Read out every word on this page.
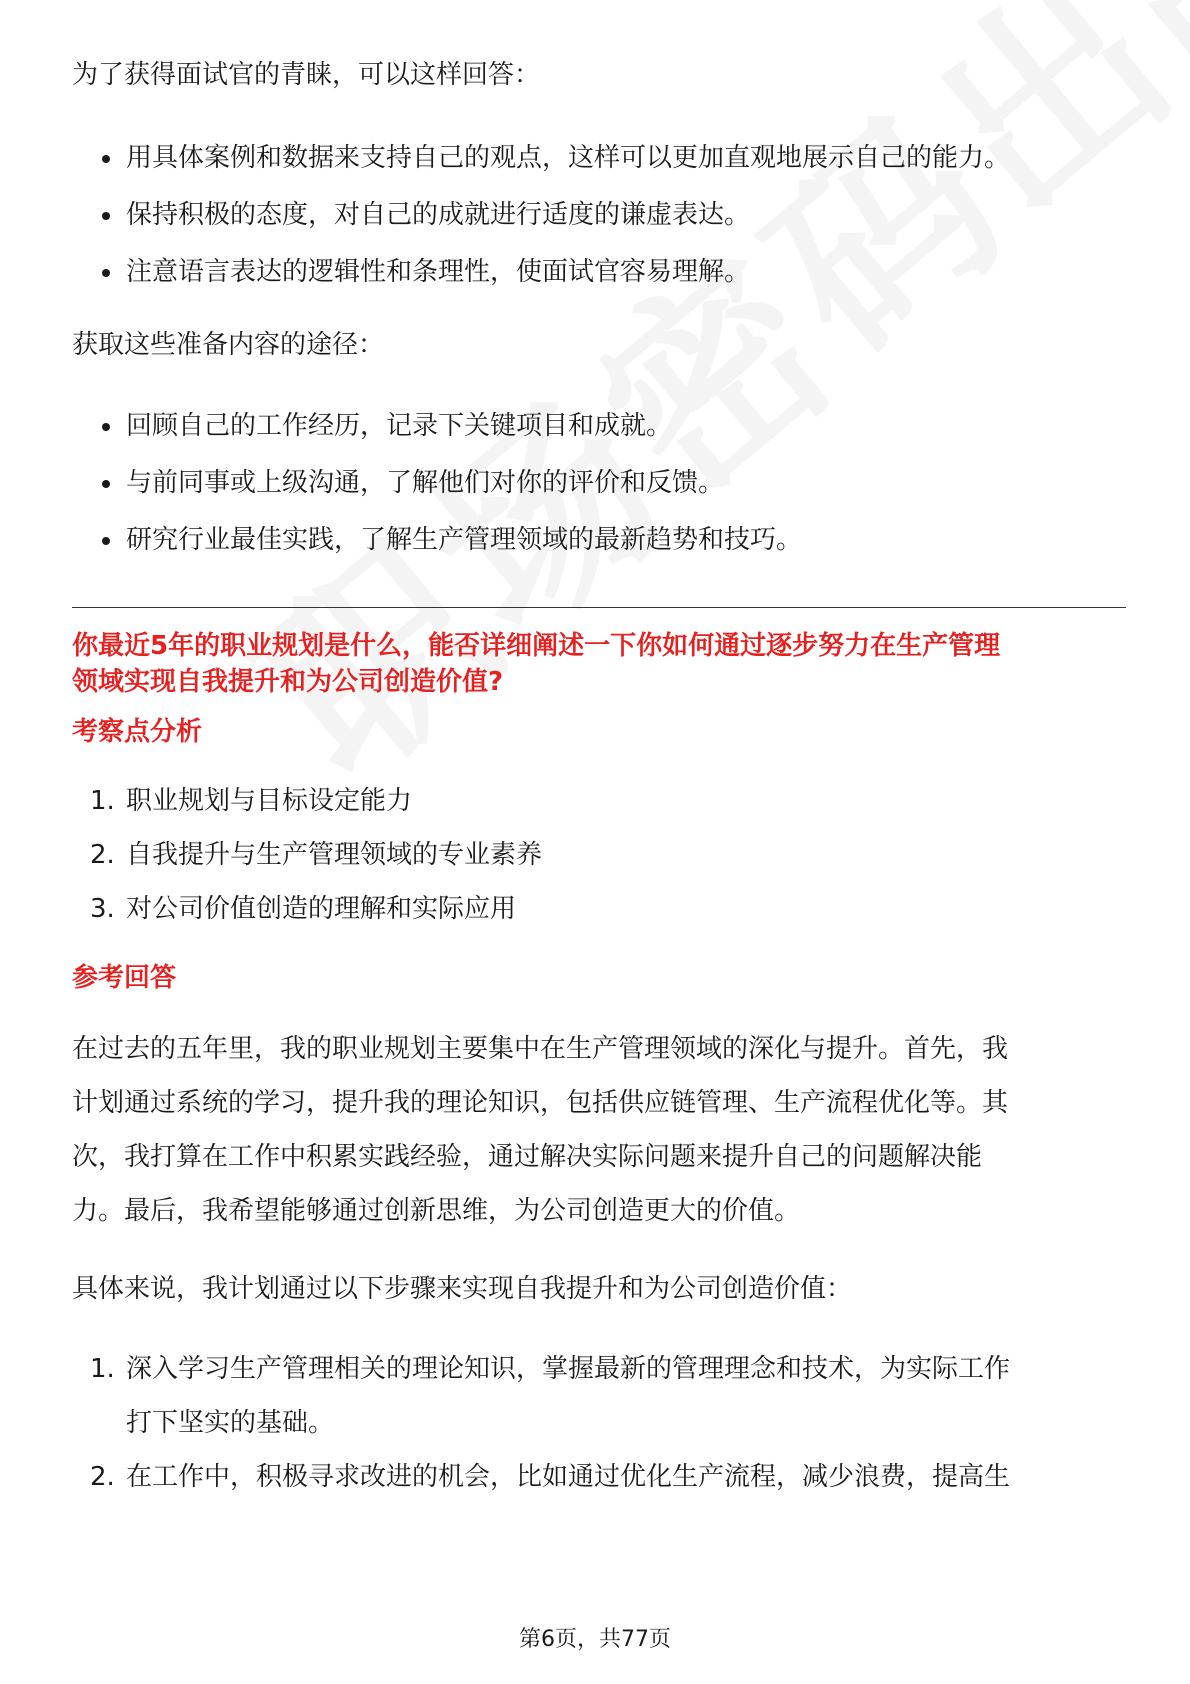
为了获得面试官的青睐，可以这样回答：

用具体案例和数据来支持自己的观点，这样可以更加直观地展示自己的能力。
保持积极的态度，对自己的成就进行适度的谦虚表达。
注意语言表达的逻辑性和条理性，使面试官容易理解。

获取这些准备内容的途径：

回顾自己的工作经历，记录下关键项目和成就。
与前同事或上级沟通，了解他们对你的评价和反馈。
研究行业最佳实践，了解生产管理领域的最新趋势和技巧。

你最近5年的职业规划是什么，能否详细阐述一下你如何通过逐步努力在生产管理

领域实现自我提升和为公司创造价值?

考察点分析

1. 职业规划与目标设定能力
2. 自我提升与生产管理领域的专业素养
3. 对公司价值创造的理解和实际应用

参考回答

在过去的五年里，我的职业规划主要集中在生产管理领域的深化与提升。首先，我

计划通过系统的学习，提升我的理论知识，包括供应链管理、生产流程优化等。其

次，我打算在工作中积累实践经验，通过解决实际问题来提升自己的问题解决能

力。最后，我希望能够通过创新思维，为公司创造更大的价值。

具体来说，我计划通过以下步骤来实现自我提升和为公司创造价值：

1. 深入学习生产管理相关的理论知识，掌握最新的管理理念和技术，为实际工作
打下坚实的基础。
2. 在工作中，积极寻求改进的机会，比如通过优化生产流程，减少浪费，提高生
第6页，共77页
